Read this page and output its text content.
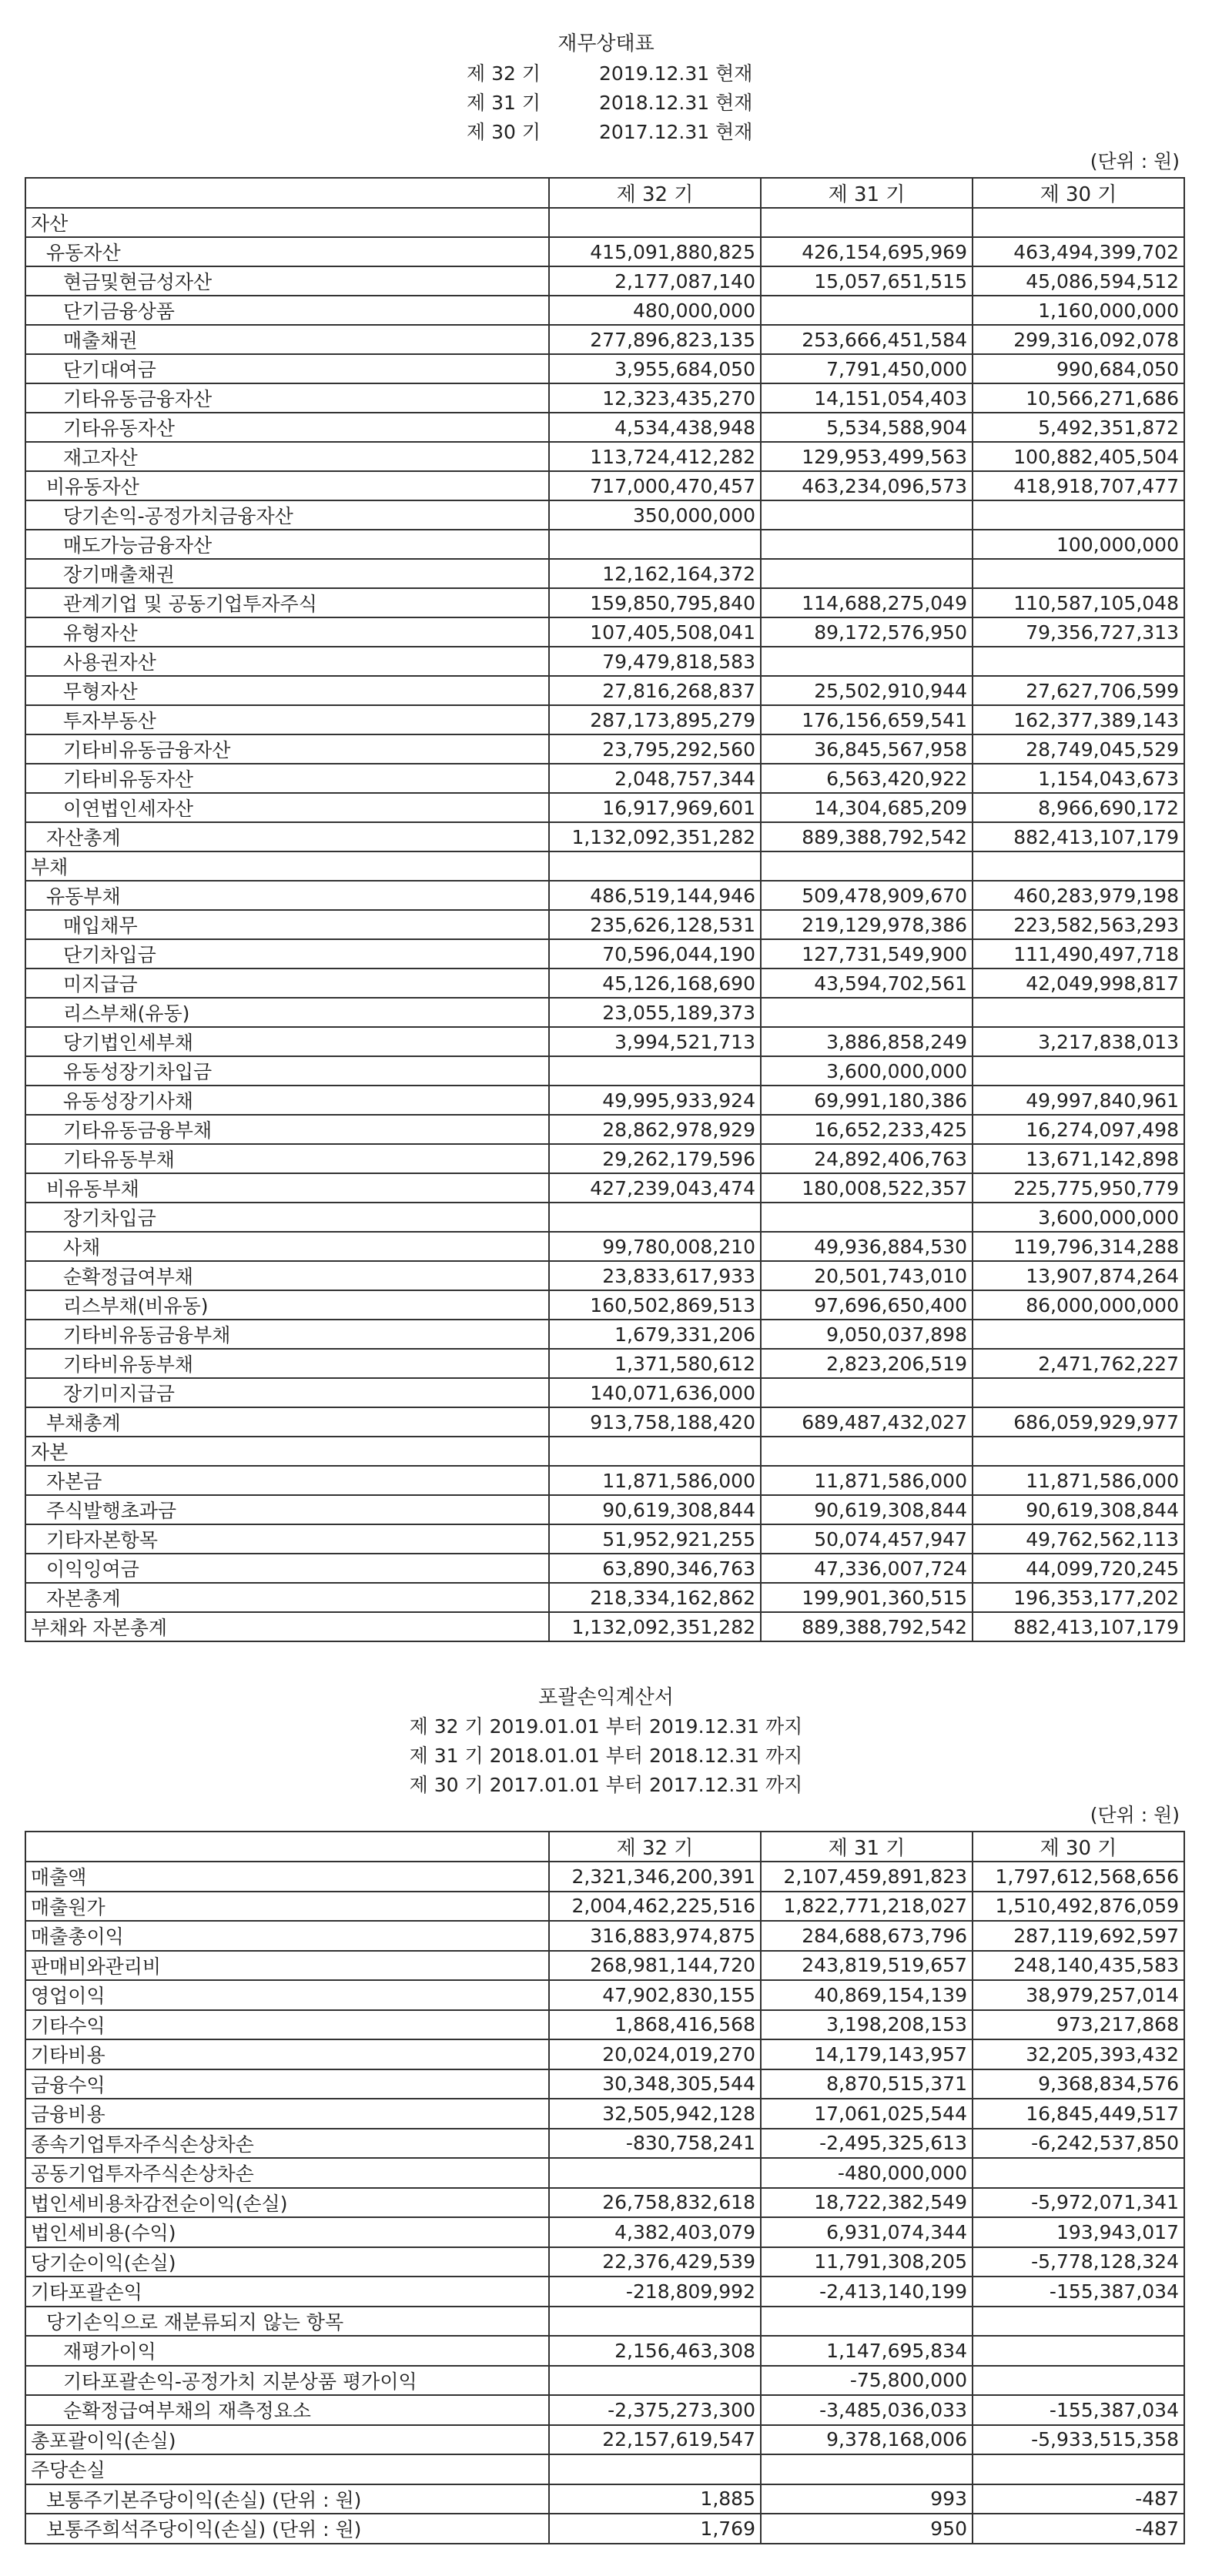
재무상태표
제 32 기	2019.12.31 현재
제 31 기	2018.12.31 현재
제 30 기	2017.12.31 현재
(단위 : 원)
	제 32 기	제 31 기	제 30 기
자산			
유동자산	415,091,880,825	426,154,695,969	463,494,399,702
현금및현금성자산	2,177,087,140	15,057,651,515	45,086,594,512
단기금융상품	480,000,000		1,160,000,000
매출채권	277,896,823,135	253,666,451,584	299,316,092,078
단기대여금	3,955,684,050	7,791,450,000	990,684,050
기타유동금융자산	12,323,435,270	14,151,054,403	10,566,271,686
기타유동자산	4,534,438,948	5,534,588,904	5,492,351,872
재고자산	113,724,412,282	129,953,499,563	100,882,405,504
비유동자산	717,000,470,457	463,234,096,573	418,918,707,477
당기손익-공정가치금융자산	350,000,000		
매도가능금융자산			100,000,000
장기매출채권	12,162,164,372		
관계기업 및 공동기업투자주식	159,850,795,840	114,688,275,049	110,587,105,048
유형자산	107,405,508,041	89,172,576,950	79,356,727,313
사용권자산	79,479,818,583		
무형자산	27,816,268,837	25,502,910,944	27,627,706,599
투자부동산	287,173,895,279	176,156,659,541	162,377,389,143
기타비유동금융자산	23,795,292,560	36,845,567,958	28,749,045,529
기타비유동자산	2,048,757,344	6,563,420,922	1,154,043,673
이연법인세자산	16,917,969,601	14,304,685,209	8,966,690,172
자산총계	1,132,092,351,282	889,388,792,542	882,413,107,179
부채			
유동부채	486,519,144,946	509,478,909,670	460,283,979,198
매입채무	235,626,128,531	219,129,978,386	223,582,563,293
단기차입금	70,596,044,190	127,731,549,900	111,490,497,718
미지급금	45,126,168,690	43,594,702,561	42,049,998,817
리스부채(유동)	23,055,189,373		
당기법인세부채	3,994,521,713	3,886,858,249	3,217,838,013
유동성장기차입금		3,600,000,000	
유동성장기사채	49,995,933,924	69,991,180,386	49,997,840,961
기타유동금융부채	28,862,978,929	16,652,233,425	16,274,097,498
기타유동부채	29,262,179,596	24,892,406,763	13,671,142,898
비유동부채	427,239,043,474	180,008,522,357	225,775,950,779
장기차입금			3,600,000,000
사채	99,780,008,210	49,936,884,530	119,796,314,288
순확정급여부채	23,833,617,933	20,501,743,010	13,907,874,264
리스부채(비유동)	160,502,869,513	97,696,650,400	86,000,000,000
기타비유동금융부채	1,679,331,206	9,050,037,898	
기타비유동부채	1,371,580,612	2,823,206,519	2,471,762,227
장기미지급금	140,071,636,000		
부채총계	913,758,188,420	689,487,432,027	686,059,929,977
자본			
자본금	11,871,586,000	11,871,586,000	11,871,586,000
주식발행초과금	90,619,308,844	90,619,308,844	90,619,308,844
기타자본항목	51,952,921,255	50,074,457,947	49,762,562,113
이익잉여금	63,890,346,763	47,336,007,724	44,099,720,245
자본총계	218,334,162,862	199,901,360,515	196,353,177,202
부채와 자본총계	1,132,092,351,282	889,388,792,542	882,413,107,179
포괄손익계산서
제 32 기 2019.01.01 부터 2019.12.31 까지
제 31 기 2018.01.01 부터 2018.12.31 까지
제 30 기 2017.01.01 부터 2017.12.31 까지
(단위 : 원)
	제 32 기	제 31 기	제 30 기
매출액	2,321,346,200,391	2,107,459,891,823	1,797,612,568,656
매출원가	2,004,462,225,516	1,822,771,218,027	1,510,492,876,059
매출총이익	316,883,974,875	284,688,673,796	287,119,692,597
판매비와관리비	268,981,144,720	243,819,519,657	248,140,435,583
영업이익	47,902,830,155	40,869,154,139	38,979,257,014
기타수익	1,868,416,568	3,198,208,153	973,217,868
기타비용	20,024,019,270	14,179,143,957	32,205,393,432
금융수익	30,348,305,544	8,870,515,371	9,368,834,576
금융비용	32,505,942,128	17,061,025,544	16,845,449,517
종속기업투자주식손상차손	-830,758,241	-2,495,325,613	-6,242,537,850
공동기업투자주식손상차손		-480,000,000	
법인세비용차감전순이익(손실)	26,758,832,618	18,722,382,549	-5,972,071,341
법인세비용(수익)	4,382,403,079	6,931,074,344	193,943,017
당기순이익(손실)	22,376,429,539	11,791,308,205	-5,778,128,324
기타포괄손익	-218,809,992	-2,413,140,199	-155,387,034
당기손익으로 재분류되지 않는 항목			
재평가이익	2,156,463,308	1,147,695,834	
기타포괄손익-공정가치 지분상품 평가이익		-75,800,000	
순확정급여부채의 재측정요소	-2,375,273,300	-3,485,036,033	-155,387,034
총포괄이익(손실)	22,157,619,547	9,378,168,006	-5,933,515,358
주당손실			
보통주기본주당이익(손실) (단위 : 원)	1,885	993	-487
보통주희석주당이익(손실) (단위 : 원)	1,769	950	-487
